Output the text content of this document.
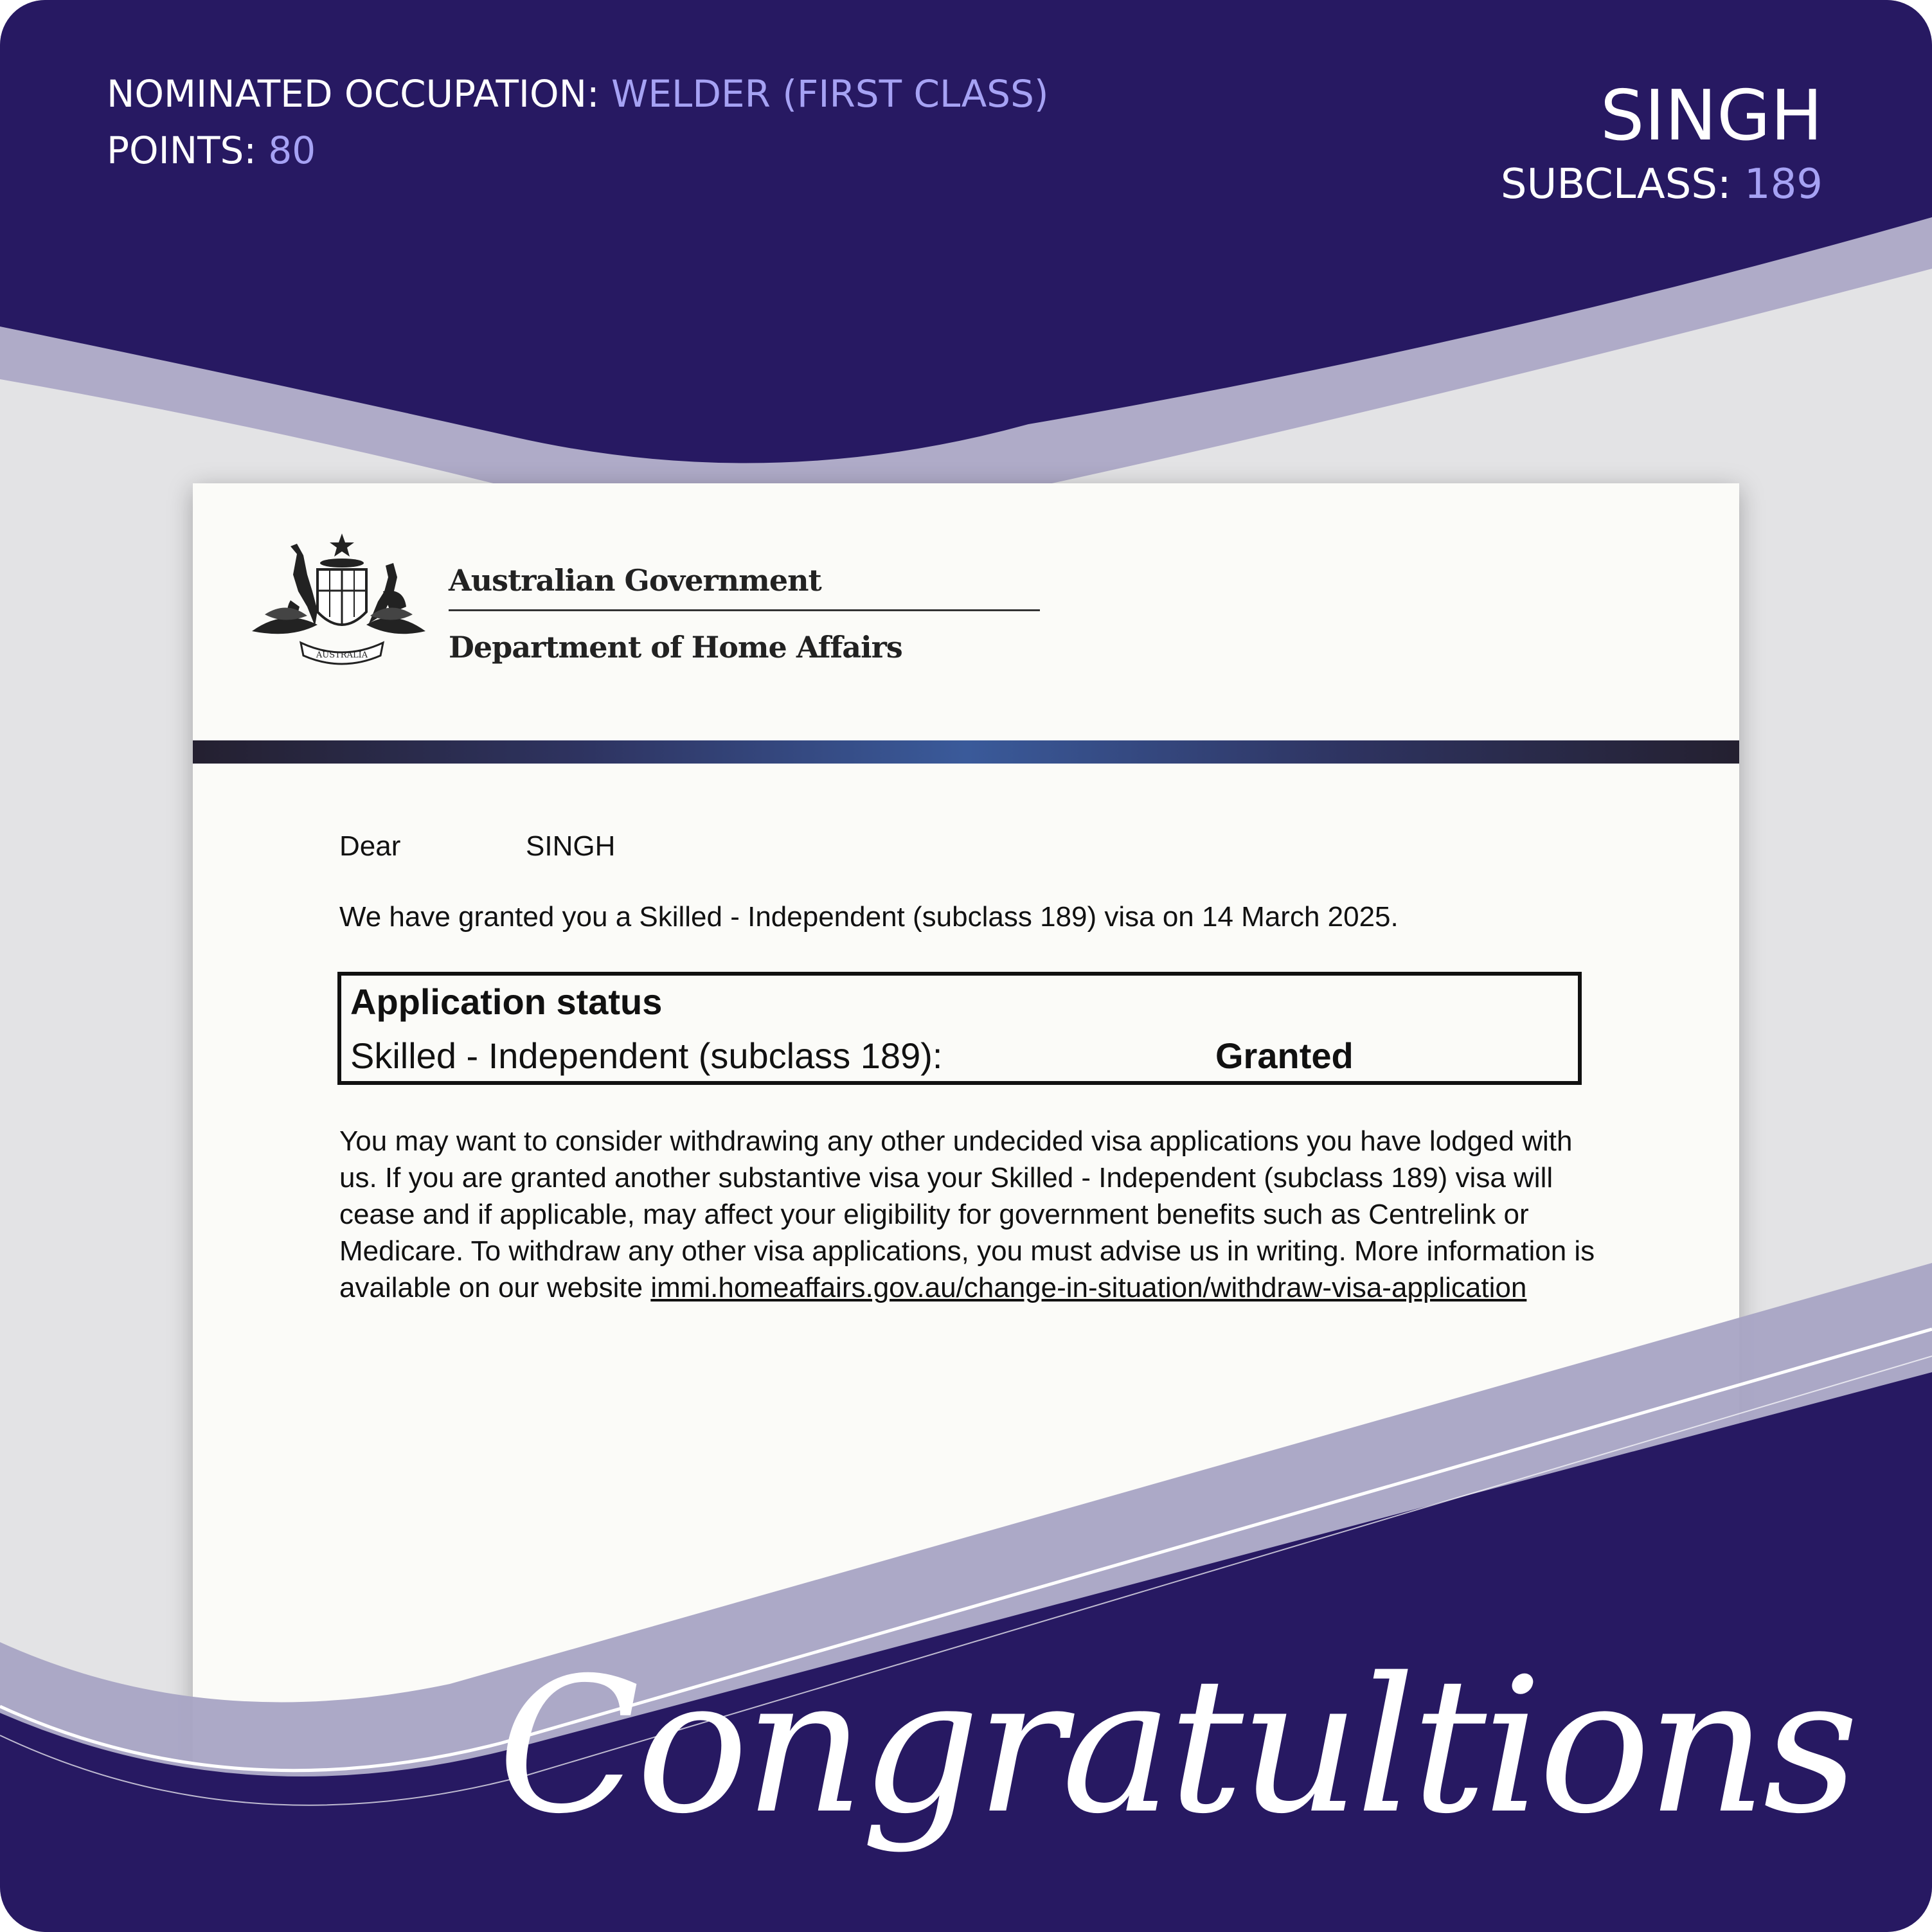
NOMINATED OCCUPATION: WELDER (FIRST CLASS)
POINTS: 80	SINGH
SUBCLASS: 189
AUSTRALIA
Australian Government
Department of Home Affairs
Dear	SINGH
We have granted you a Skilled - Independent (subclass 189) visa on 14 March 2025.
Application status
Skilled - Independent (subclass 189):	Granted
You may want to consider withdrawing any other undecided visa applications you have lodged with us. If you are granted another substantive visa your Skilled - Independent (subclass 189) visa will cease and if applicable, may affect your eligibility for government benefits such as Centrelink or Medicare. To withdraw any other visa applications, you must advise us in writing. More information is available on our website immi.homeaffairs.gov.au/change-in-situation/withdraw-visa-application
Congratultions
